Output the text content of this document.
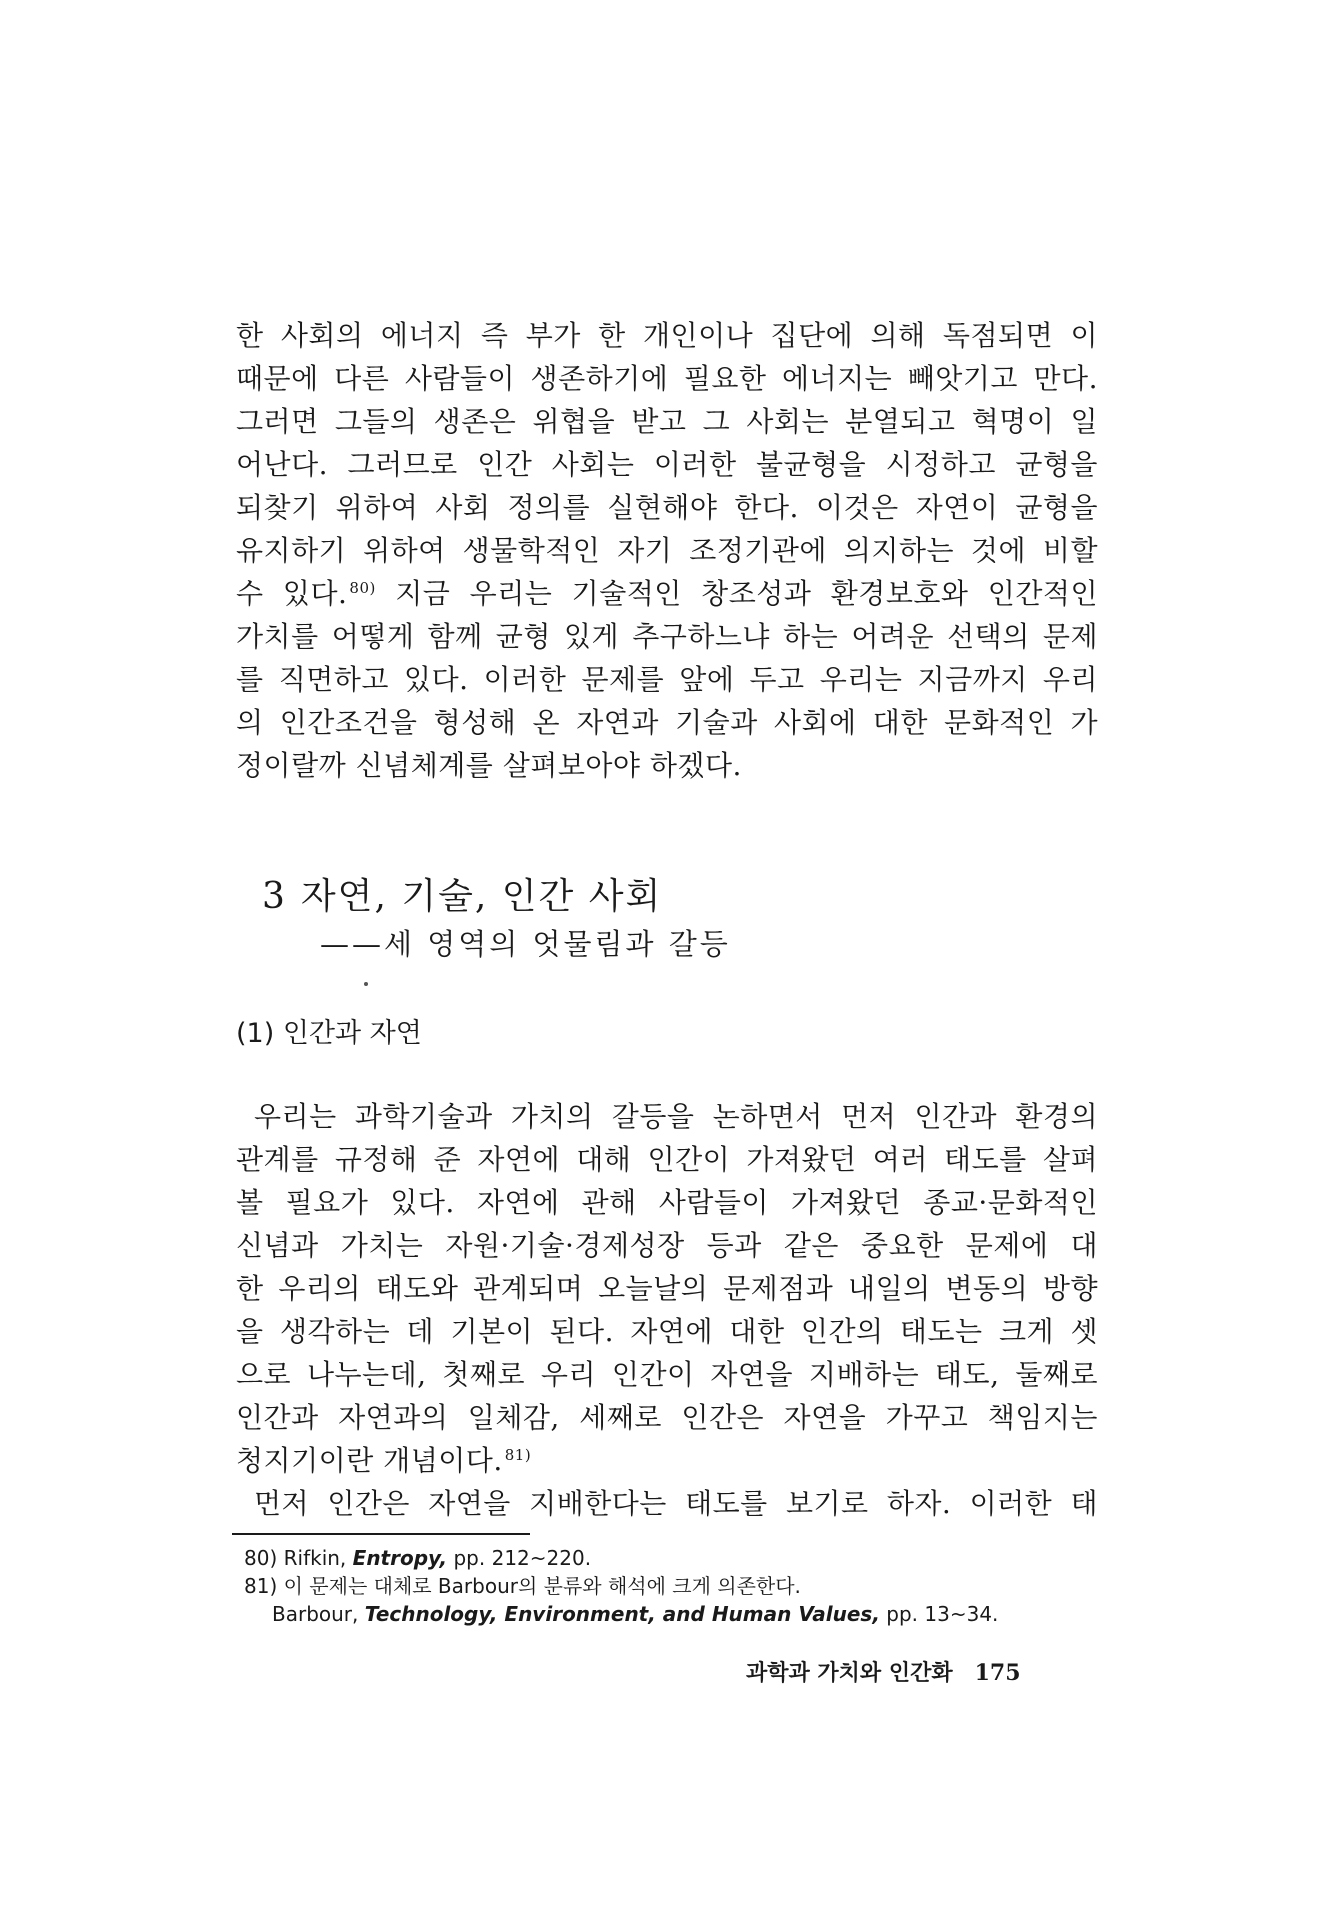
한 사회의 에너지 즉 부가 한 개인이나 집단에 의해 독점되면 이
때문에 다른 사람들이 생존하기에 필요한 에너지는 빼앗기고 만다.
그러면 그들의 생존은 위협을 받고 그 사회는 분열되고 혁명이 일
어난다. 그러므로 인간 사회는 이러한 불균형을 시정하고 균형을
되찾기 위하여 사회 정의를 실현해야 한다. 이것은 자연이 균형을
유지하기 위하여 생물학적인 자기 조정기관에 의지하는 것에 비할
수 있다. $^{80)}$ 지금 우리는 기술적인 창조성과 환경보호와 인간적인
가치를 어떻게 함께 균형 있게 추구하느냐 하는 어려운 선택의 문제
를 직면하고 있다. 이러한 문제를 앞에 두고 우리는 지금까지 우리
의 인간조건을 형성해 온 자연과 기술과 사회에 대한 문화적인 가
정이랄까 신념체계를 살펴보아야 하겠다.
3 자연, 기술, 인간 사회
——세 영역의 엇물림과 갈등
(1) 인간과 자연
우리는 과학기술과 가치의 갈등을 논하면서 먼저 인간과 환경의
관계를 규정해 준 자연에 대해 인간이 가져왔던 여러 태도를 살펴
볼 필요가 있다. 자연에 관해 사람들이 가져왔던 종교·문화적인
신념과 가치는 자원·기술·경제성장 등과 같은 중요한 문제에 대
한 우리의 태도와 관계되며 오늘날의 문제점과 내일의 변동의 방향
을 생각하는 데 기본이 된다. 자연에 대한 인간의 태도는 크게 셋
으로 나누는데, 첫째로 우리 인간이 자연을 지배하는 태도, 둘째로
인간과 자연과의 일체감, 세째로 인간은 자연을 가꾸고 책임지는
청지기이란 개념이다. $^{81)}$
먼저 인간은 자연을 지배한다는 태도를 보기로 하자. 이러한 태
80) Rifkin, Entropy, pp. 212~220.
81) 이 문제는 대체로 Barbour의 분류와 해석에 크게 의존한다.
Barbour, Technology, Environment, and Human Values, pp. 13~34.
과학과 가치와 인간화 175
